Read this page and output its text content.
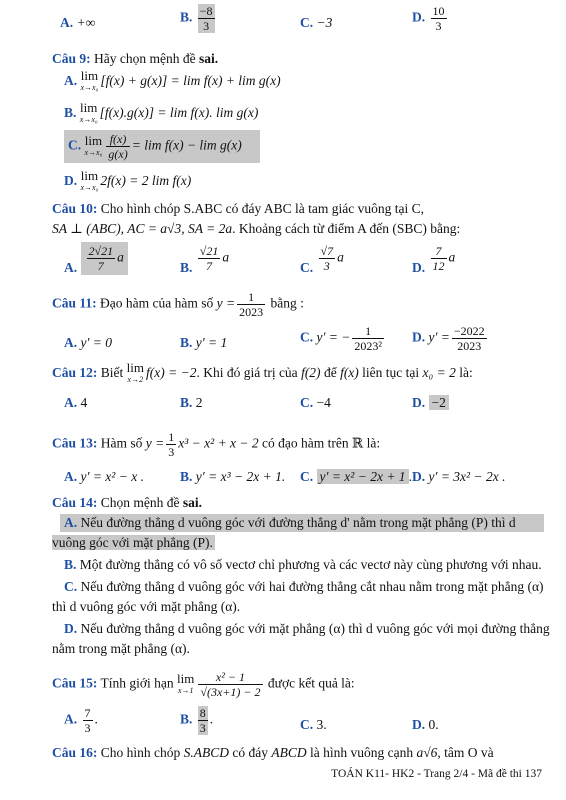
A. +∞	B. $\frac{-8}{3}$	C. −3	D. $\frac{10}{3}$
Câu 9: Hãy chọn mệnh đề sai.
A. lim
x→x₀ [f(x) + g(x)] = lim f(x) + lim g(x)
B. lim
x→x₀ [f(x).g(x)] = lim f(x). lim g(x)
C. lim
$x\to x_0 \frac{f(x)}{g(x)} = \lim f(x) - \lim g(x)$
D. lim
x→x₀ 2f(x) = 2 lim f(x)
Câu 10: Cho hình chóp S.ABC có đáy ABC là tam giác vuông tại C,
SA ⊥ (ABC), AC = a√3, SA = 2a. Khoảng cách từ điểm A đến (SBC) bằng:
A. $\frac{2√21}{7}$ a
B. $\frac{√21}{7}$ a
C. $\frac{√7}{3}$ a
D. $\frac{7}{12}$ a
Câu 11: Đạo hàm của hàm số $y = \frac{1}{2023}$ bằng :
A. y' = 0	B. y' = 1	C. y' = − $\frac{1}{\text{2023²}} D$. $y' = \frac{-2022}{2023}$
Câu 12: Biết lim
x→2 f(x) = −2. Khi đó giá trị của f(2) để f(x) liên tục tại x₀ = 2 là:
A. 4	B. 2	C. −4	D. −2
Câu 13: Hàm số $y = \frac{1}{3} x^3 - x^2 + x - 2$ có đạo hàm trên ℝ là:
A. y′ = x² − x .	B. y′ = x³ − 2x + 1. C. y′ = x² − 2x + 1 . D. y′ = 3x² − 2x .
Câu 14: Chọn mệnh đề sai.
A. Nếu đường thẳng d vuông góc với đường thẳng d' nằm trong mặt phẳng (P) thì d
vuông góc với mặt phẳng (P).
B. Một đường thẳng có vô số vectơ chỉ phương và các vectơ này cùng phương với nhau.
C. Nếu đường thẳng d vuông góc với hai đường thẳng cắt nhau nằm trong mặt phẳng (α)
thì d vuông góc với mặt phẳng (α).
D. Nếu đường thẳng d vuông góc với mặt phẳng (α) thì d vuông góc với mọi đường thẳng
nằm trong mặt phẳng (α).
Câu 15: Tính giới hạn lim
$x\to 1 \frac{\text{x² − 1}}{√(3x+1) - 2}$ được kết quả là:
A. $\frac{7}{3}$ .	B. $\frac{8}{3}$ .	C. 3.	D. 0.
Câu 16: Cho hình chóp S.ABCD có đáy ABCD là hình vuông cạnh a√6, tâm O và
TOÁN K11- HK2 - Trang 2/4 - Mã đề thi 137
